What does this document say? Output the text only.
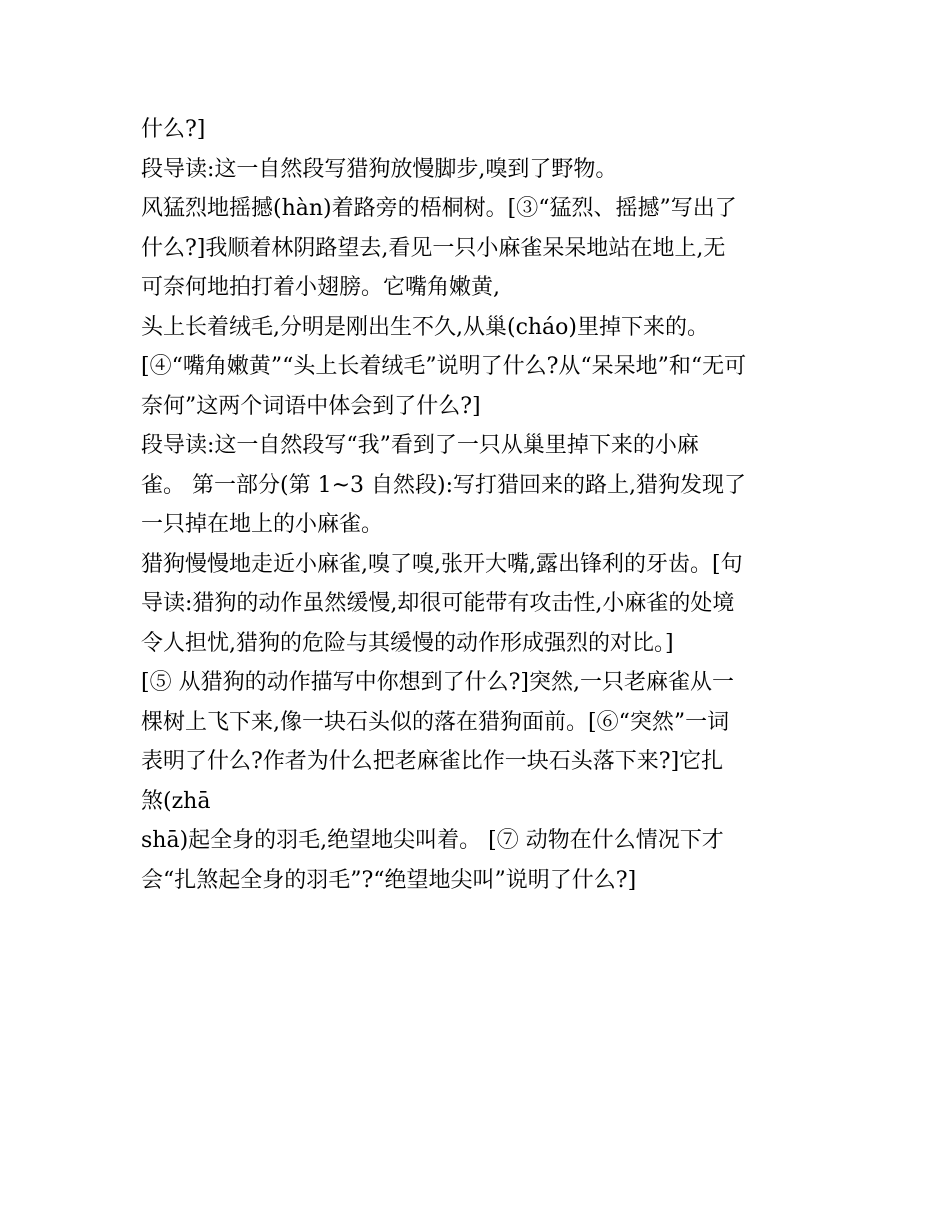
什么?]

段导读:这一自然段写猎狗放慢脚步,嗅到了野物。

风猛烈地摇撼(hàn)着路旁的梧桐树。[③“猛烈、摇撼”写出了

什么?]我顺着林阴路望去,看见一只小麻雀呆呆地站在地上,无

可奈何地拍打着小翅膀。它嘴角嫩黄,

头上长着绒毛,分明是刚出生不久,从巢(cháo)里掉下来的。

[④“嘴角嫩黄”“头上长着绒毛”说明了什么?从“呆呆地”和“无可

奈何”这两个词语中体会到了什么?]

段导读:这一自然段写“我”看到了一只从巢里掉下来的小麻

雀。 第一部分(第 1~3 自然段):写打猎回来的路上,猎狗发现了

一只掉在地上的小麻雀。

猎狗慢慢地走近小麻雀,嗅了嗅,张开大嘴,露出锋利的牙齿。[句

导读:猎狗的动作虽然缓慢,却很可能带有攻击性,小麻雀的处境

令人担忧,猎狗的危险与其缓慢的动作形成强烈的对比。]

[⑤ 从猎狗的动作描写中你想到了什么?]突然,一只老麻雀从一

棵树上飞下来,像一块石头似的落在猎狗面前。[⑥“突然”一词

表明了什么?作者为什么把老麻雀比作一块石头落下来?]它扎

煞(zhā

shā)起全身的羽毛,绝望地尖叫着。 [⑦ 动物在什么情况下才

会“扎煞起全身的羽毛”?“绝望地尖叫”说明了什么?]
